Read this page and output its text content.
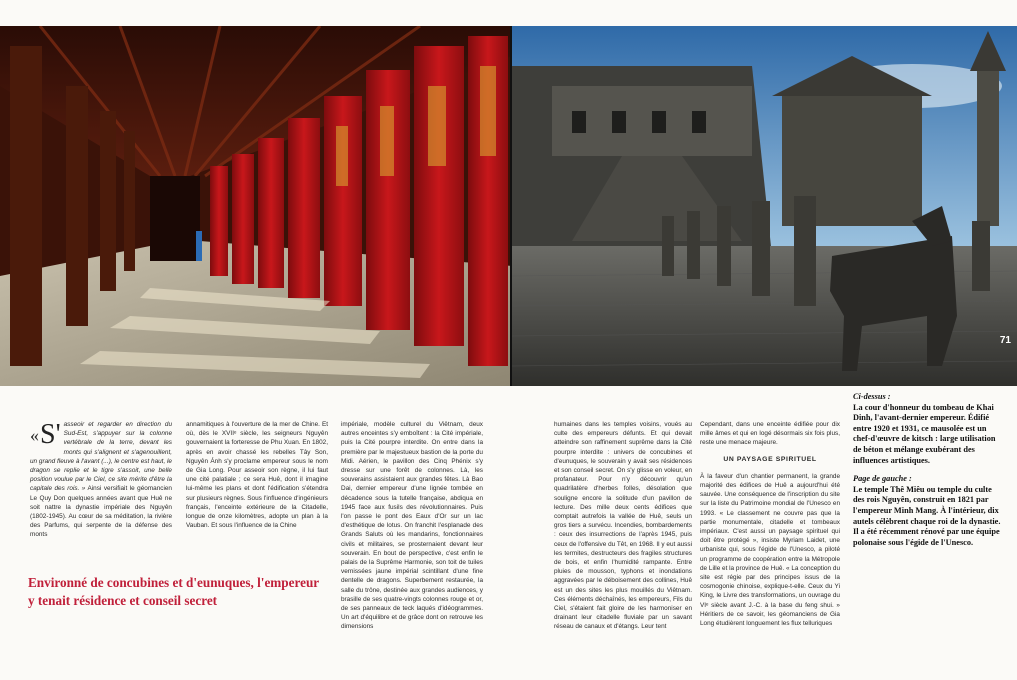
71

« S' asseoir et regarder en direction du Sud-Est, s'appuyer sur la colonne vertébrale de la terre, devant les monts qui s'alignent et s'agenouillent, un grand fleuve à l'avant (...), le centre est haut, le dragon se replie et le tigre s'assoit, une belle position voulue par le Ciel, ce site mérite d'être la capitale des rois. » Ainsi versifiait le géomancien Le Quy Don quelques années avant que Huê ne soit nattre la dynastie impériale des Nguyên (1802-1945). Au cœur de sa méditation, la rivière des Parfums, qui serpente de la défense des monts

annamitiques à l'ouverture de la mer de Chine. Et où, dès le XVIIᵉ siècle, les seigneurs Nguyên gouvernaient la forteresse de Phu Xuan. En 1802, après en avoir chassé les rebelles Tây Son, Nguyên Ánh s'y proclame empereur sous le nom de Gia Long. Pour asseoir son règne, il lui faut une cité palatiale ; ce sera Huê, dont il imagine lui-même les plans et dont l'édification s'étendra sur plusieurs règnes. Sous l'influence d'ingénieurs français, l'enceinte extérieure de la Citadelle, longue de onze kilomètres, adopte un plan à la Vauban. Et sous l'influence de la Chine

impériale, modèle culturel du Viêtnam, deux autres enceintes s'y emboîtent : la Cité impériale, puis la Cité pourpre interdite. On entre dans la première par le majestueux bastion de la porte du Midi. Aérien, le pavillon des Cinq Phénix s'y dresse sur une forêt de colonnes. Là, les souverains assistaient aux grandes fêtes. Là Bao Dai, dernier empereur d'une lignée tombée en décadence sous la tutelle française, abdiqua en 1945 face aux fusils des révolutionnaires. Puis l'on passe le pont des Eaux d'Or sur un lac d'esthétique de lotus. On franchit l'esplanade des Grands Saluts où les mandarins, fonctionnaires civils et militaires, se prosternaient devant leur souverain. En bout de perspective, c'est enfin le palais de la Suprême Harmonie, son toit de tuiles vernissées jaune impérial scintillant d'une fine dentelle de dragons. Superbement restaurée, la salle du trône, destinée aux grandes audiences, y brasille de ses quatre-vingts colonnes rouge et or, de ses panneaux de teck laqués d'idéogrammes. Un art d'équilibre et de grâce dont on retrouve les dimensions

humaines dans les temples voisins, voués au culte des empereurs défunts. Et qui devait atteindre son raffinement suprême dans la Cité pourpre interdite : univers de concubines et d'eunuques, le souverain y avait ses résidences et son conseil secret. On s'y glisse en voleur, en profanateur. Pour n'y découvrir qu'un quadrilatère d'herbes folles, désolation que souligne encore la solitude d'un pavillon de lecture. Des mille deux cents édifices que comptait autrefois la vallée de Huê, seuls un gros tiers a survécu. Incendies, bombardements : ceux des insurrections de l'après 1945, puis ceux de l'offensive du Têt, en 1968. Il y eut aussi les termites, destructeurs des fragiles structures de bois, et enfin l'humidité rampante. Entre pluies de mousson, typhons et inondations aggravées par le déboisement des collines, Huê est un des sites les plus mouillés du Viêtnam. Ces éléments déchaînés, les empereurs, Fils du Ciel, s'étaient fait gloire de les harmoniser en drainant leur citadelle fluviale par un savant réseau de canaux et d'étangs. Leur tent

Cependant, dans une enceinte édifiée pour dix mille âmes et qui en logé désormais six fois plus, reste une menace majeure.

UN PAYSAGE SPIRITUEL

À la faveur d'un chantier permanent, la grande majorité des édifices de Huê a aujourd'hui été sauvée. Une conséquence de l'inscription du site sur la liste du Patrimoine mondial de l'Unesco en 1993. « Le classement ne couvre pas que la partie monumentale, citadelle et tombeaux impériaux. C'est aussi un paysage spirituel qui doit être protégé », insiste Myriam Laidet, une urbaniste qui, sous l'égide de l'Unesco, a piloté un programme de coopération entre la Métropole de Lille et la province de Huê. « La conception du site est régie par des principes issus de la cosmogonie chinoise, explique-t-elle. Ceux du Yi King, le Livre des transformations, un ouvrage du VIᵉ siècle avant J.-C. à la base du feng shui. » Héritiers de ce savoir, les géomanciens de Gia Long étudièrent longuement les flux telluriques

Environné de concubines et d'eunuques, l'empereur y tenait résidence et conseil secret
Ci-dessus :
La cour d'honneur du tombeau de Khai Dinh, l'avant-dernier empereur. Édifié entre 1920 et 1931, ce mausolée est un chef-d'œuvre de kitsch : large utilisation de béton et mélange exubérant des influences artistiques.
Page de gauche :
Le temple Thê Miêu ou temple du culte des rois Nguyên, construit en 1821 par l'empereur Minh Mang. À l'intérieur, dix autels célèbrent chaque roi de la dynastie. Il a été récemment rénové par une équipe polonaise sous l'égide de l'Unesco.
